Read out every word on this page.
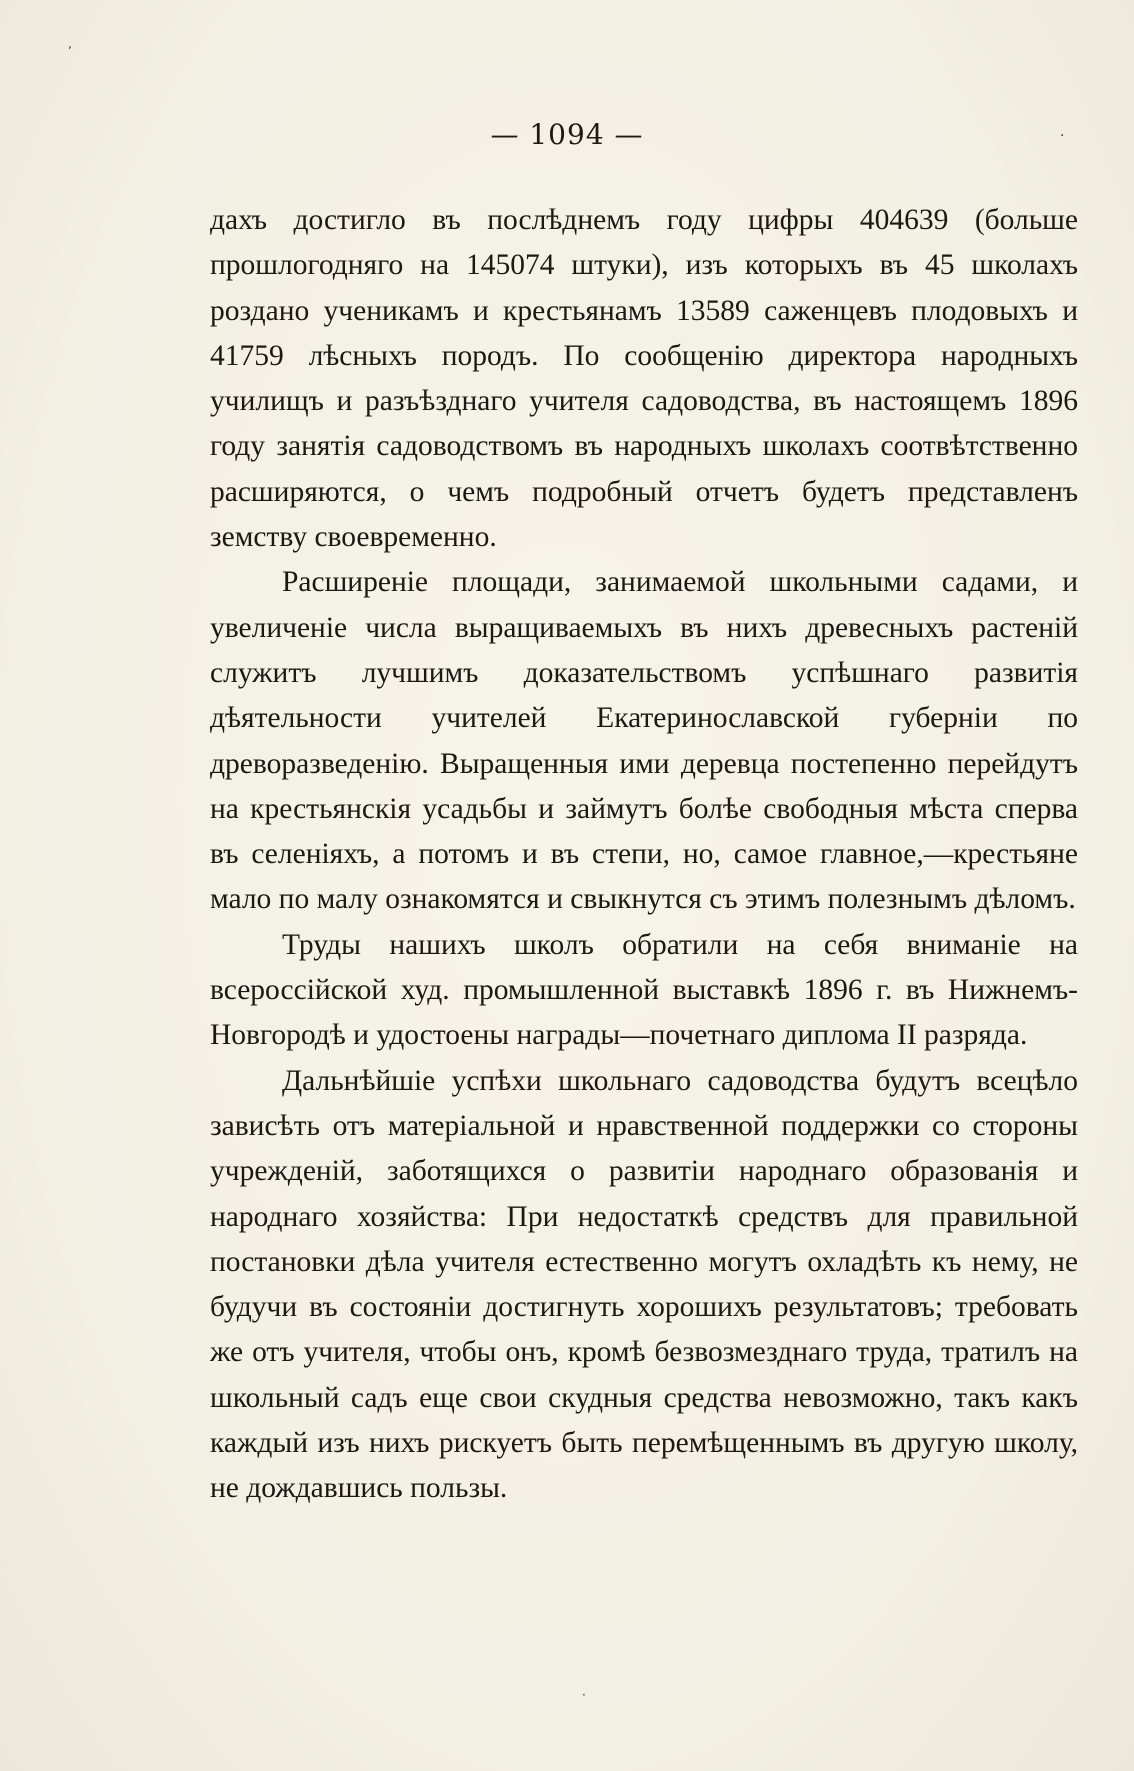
٬
·
·
— 1094 —

дахъ достигло въ послѣднемъ году цифры 404639 (больше прошлогодняго на 145074 штуки), изъ которыхъ въ 45 школахъ роздано ученикамъ и крестьянамъ 13589 саженцевъ плодовыхъ и 41759 лѣсныхъ породъ. По сообщенію директора народныхъ училищъ и разъѣзднаго учителя садоводства, въ настоящемъ 1896 году занятія садоводствомъ въ народныхъ школахъ соотвѣтственно расширяются, о чемъ подробный отчетъ будетъ представленъ земству своевременно.

Расширеніе площади, занимаемой школьными садами, и увеличеніе числа выращиваемыхъ въ нихъ древесныхъ растеній служитъ лучшимъ доказательствомъ успѣшнаго развитія дѣятельности учителей Екатеринославской губерніи по древоразведенію. Выращенныя ими деревца постепенно перейдутъ на крестьянскія усадьбы и займутъ болѣе свободныя мѣста сперва въ селеніяхъ, а потомъ и въ степи, но, самое главное,—крестьяне мало по малу ознакомятся и свыкнутся съ этимъ полезнымъ дѣломъ.

Труды нашихъ школъ обратили на себя вниманіе на всероссійской худ. промышленной выставкѣ 1896 г. въ Нижнемъ-Новгородѣ и удостоены награды—почетнаго диплома II разряда.

Дальнѣйшіе успѣхи школьнаго садоводства будутъ всецѣло зависѣть отъ матеріальной и нравственной поддержки со стороны учрежденій, заботящихся о развитіи народнаго образованія и народнаго хозяйства: При недостаткѣ средствъ для правильной постановки дѣла учителя естественно могутъ охладѣть къ нему, не будучи въ состояніи достигнуть хорошихъ результатовъ; требовать же отъ учителя, чтобы онъ, кромѣ безвозмезднаго труда, тратилъ на школьный садъ еще свои скудныя средства невозможно, такъ какъ каждый изъ нихъ рискуетъ быть перемѣщеннымъ въ другую школу, не дождавшись пользы.
